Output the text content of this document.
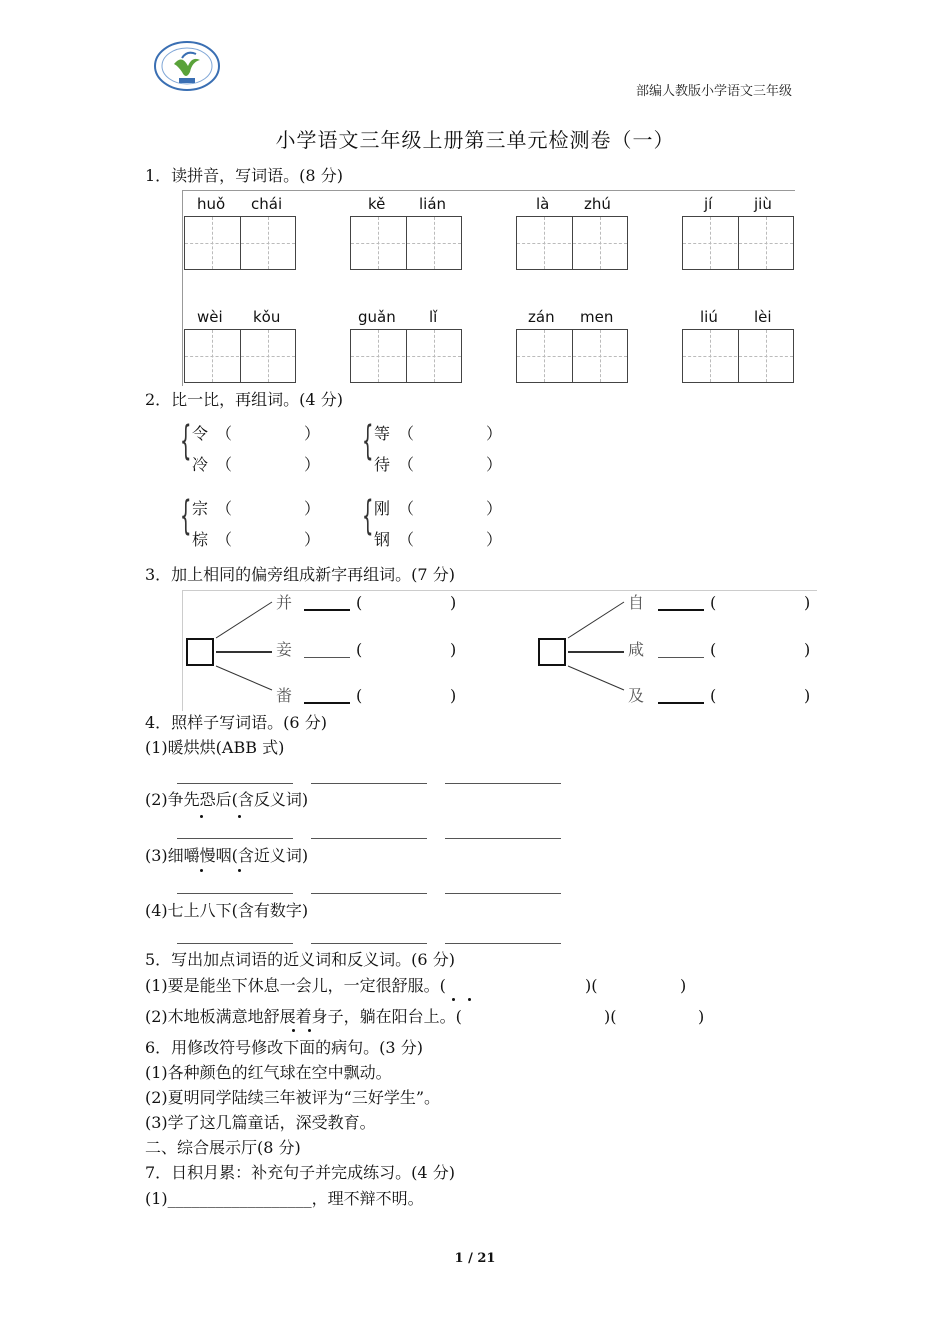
部编人教版小学语文三年级
小学语文三年级上册第三单元检测卷（一）
1．读拼音，写词语。(8 分)
huǒ chái	kě lián	là zhú	jí	jiù
wèi kǒu	guǎn lǐ	zán men	liú lèi
2．比一比，再组词。(4 分)
{ 令 （	）
冷 （	）
{ 等 （	）
待 （	）
{ 宗 （	）
棕 （	）
{ 刚 （	）
钢 （	）
3．加上相同的偏旁组成新字再组词。(7 分)
并	(	)
妾	(	)
畨	(	)
自	(	)
咸	(	)
及	(	)
4．照样子写词语。(6 分)
(1)暖烘烘(ABB 式)
(2)争先恐后(含反义词)
(3)细嚼慢咽(含近义词)
(4)七上八下(含有数字)
5．写出加点词语的近义词和反义词。(6 分)
(1)要是能坐下休息一会儿，一定很舒服。(	)(	)
(2)木地板满意地舒展着身子，躺在阳台上。(	)(	)
6．用修改符号修改下面的病句。(3 分)
(1)各种颜色的红气球在空中飘动。
(2)夏明同学陆续三年被评为“三好学生”。
(3)学了这几篇童话，深受教育。
二、综合展示厅(8 分)
7．日积月累：补充句子并完成练习。(4 分)
(1)__________________，理不辩不明。
1 / 21
